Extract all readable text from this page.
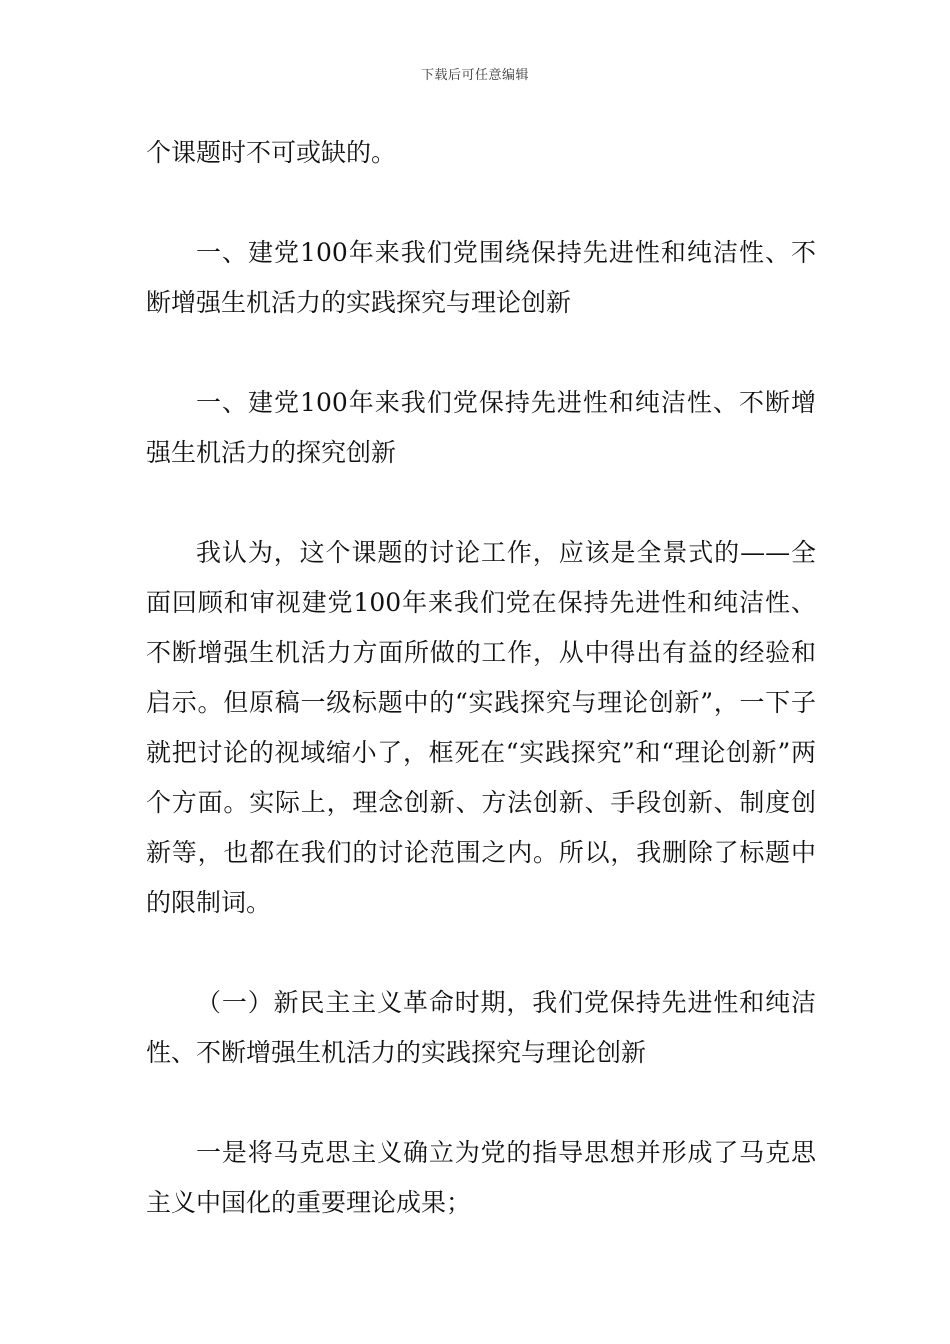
下载后可任意编辑

个课题时不可或缺的。

一、建党100年来我们党围绕保持先进性和纯洁性、不断增强生机活力的实践探究与理论创新

一、建党100年来我们党保持先进性和纯洁性、不断增强生机活力的探究创新

我认为，这个课题的讨论工作，应该是全景式的——全面回顾和审视建党100年来我们党在保持先进性和纯洁性、不断增强生机活力方面所做的工作，从中得出有益的经验和启示。但原稿一级标题中的“实践探究与理论创新”，一下子就把讨论的视域缩小了，框死在“实践探究”和“理论创新”两个方面。实际上，理念创新、方法创新、手段创新、制度创新等，也都在我们的讨论范围之内。所以，我删除了标题中的限制词。

（一）新民主主义革命时期，我们党保持先进性和纯洁性、不断增强生机活力的实践探究与理论创新

一是将马克思主义确立为党的指导思想并形成了马克思主义中国化的重要理论成果；
